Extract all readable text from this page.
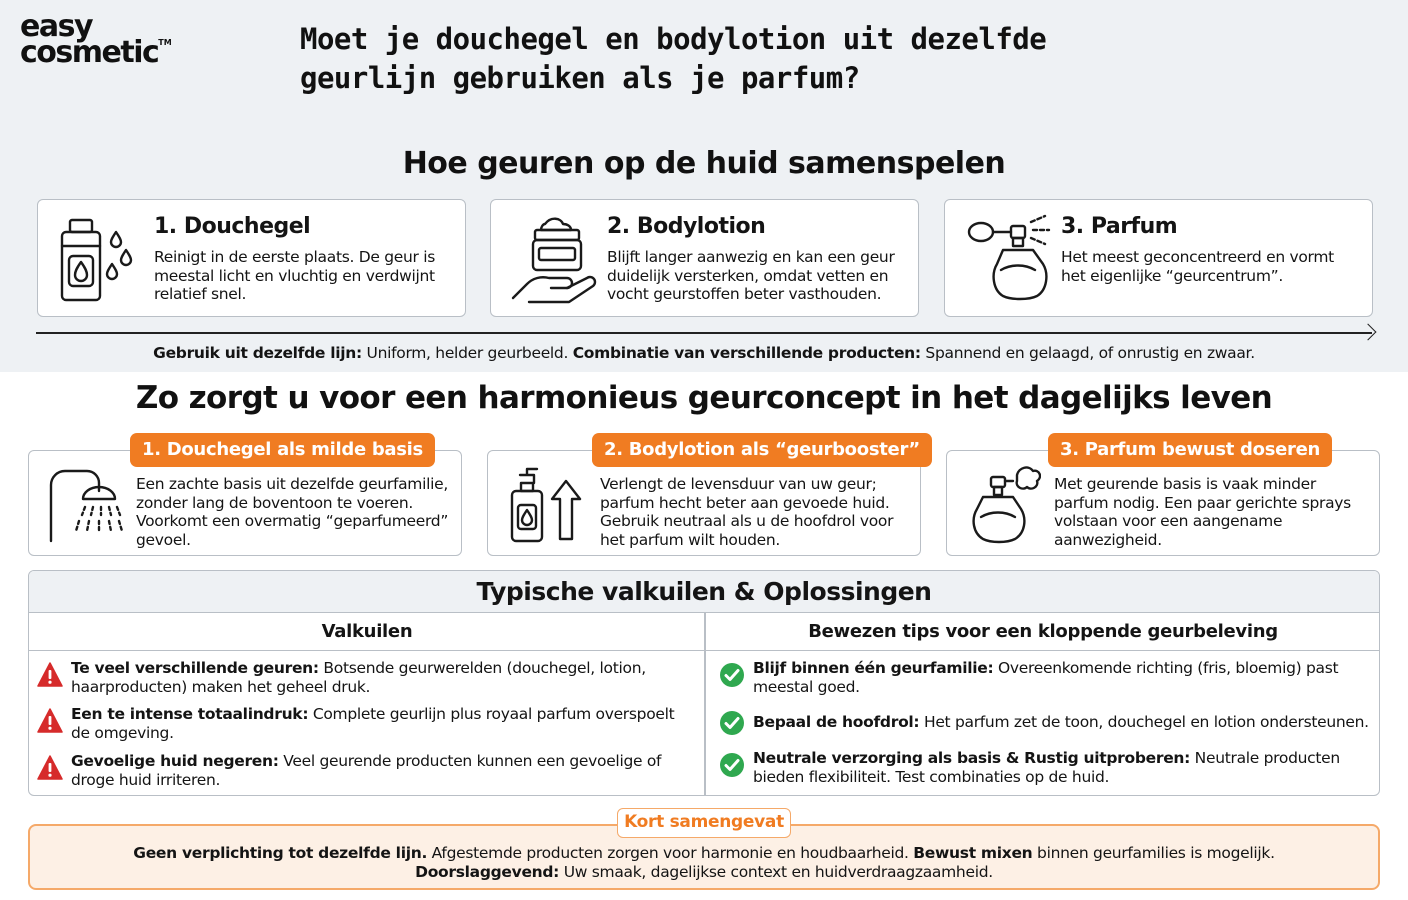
easy
cosmetic™	Moet je douchegel en bodylotion uit dezelfde geurlijn gebruiken als je parfum?
Hoe geuren op de huid samenspelen
1. Douchegel
Reinigt in de eerste plaats. De geur is meestal licht en vluchtig en verdwijnt relatief snel.
2. Bodylotion
Blijft langer aanwezig en kan een geur duidelijk versterken, omdat vetten en vocht geurstoffen beter vasthouden.
3. Parfum
Het meest geconcentreerd en vormt het eigenlijke “geurcentrum”.
Gebruik uit dezelfde lijn: Uniform, helder geurbeeld. Combinatie van verschillende producten: Spannend en gelaagd, of onrustig en zwaar.
Zo zorgt u voor een harmonieus geurconcept in het dagelijks leven
Een zachte basis uit dezelfde geurfamilie, zonder lang de boventoon te voeren. Voorkomt een overmatig “geparfumeerd” gevoel.
1. Douchegel als milde basis
Verlengt de levensduur van uw geur; parfum hecht beter aan gevoede huid. Gebruik neutraal als u de hoofdrol voor het parfum wilt houden.
2. Bodylotion als “geurbooster”
Met geurende basis is vaak minder parfum nodig. Een paar gerichte sprays volstaan voor een aangename aanwezigheid.
3. Parfum bewust doseren
Typische valkuilen & Oplossingen
Valkuilen	Bewezen tips voor een kloppende geurbeleving
Te veel verschillende geuren: Botsende geurwerelden (douchegel, lotion, haarproducten) maken het geheel druk.
Een te intense totaalindruk: Complete geurlijn plus royaal parfum overspoelt de omgeving.
Gevoelige huid negeren: Veel geurende producten kunnen een gevoelige of droge huid irriteren.
Blijf binnen één geurfamilie: Overeenkomende richting (fris, bloemig) past meestal goed.
Bepaal de hoofdrol: Het parfum zet de toon, douchegel en lotion ondersteunen.
Neutrale verzorging als basis & Rustig uitproberen: Neutrale producten bieden flexibiliteit. Test combinaties op de huid.
Geen verplichting tot dezelfde lijn. Afgestemde producten zorgen voor harmonie en houdbaarheid. Bewust mixen binnen geurfamilies is mogelijk.
Doorslaggevend: Uw smaak, dagelijkse context en huidverdraagzaamheid.
Kort samengevat
